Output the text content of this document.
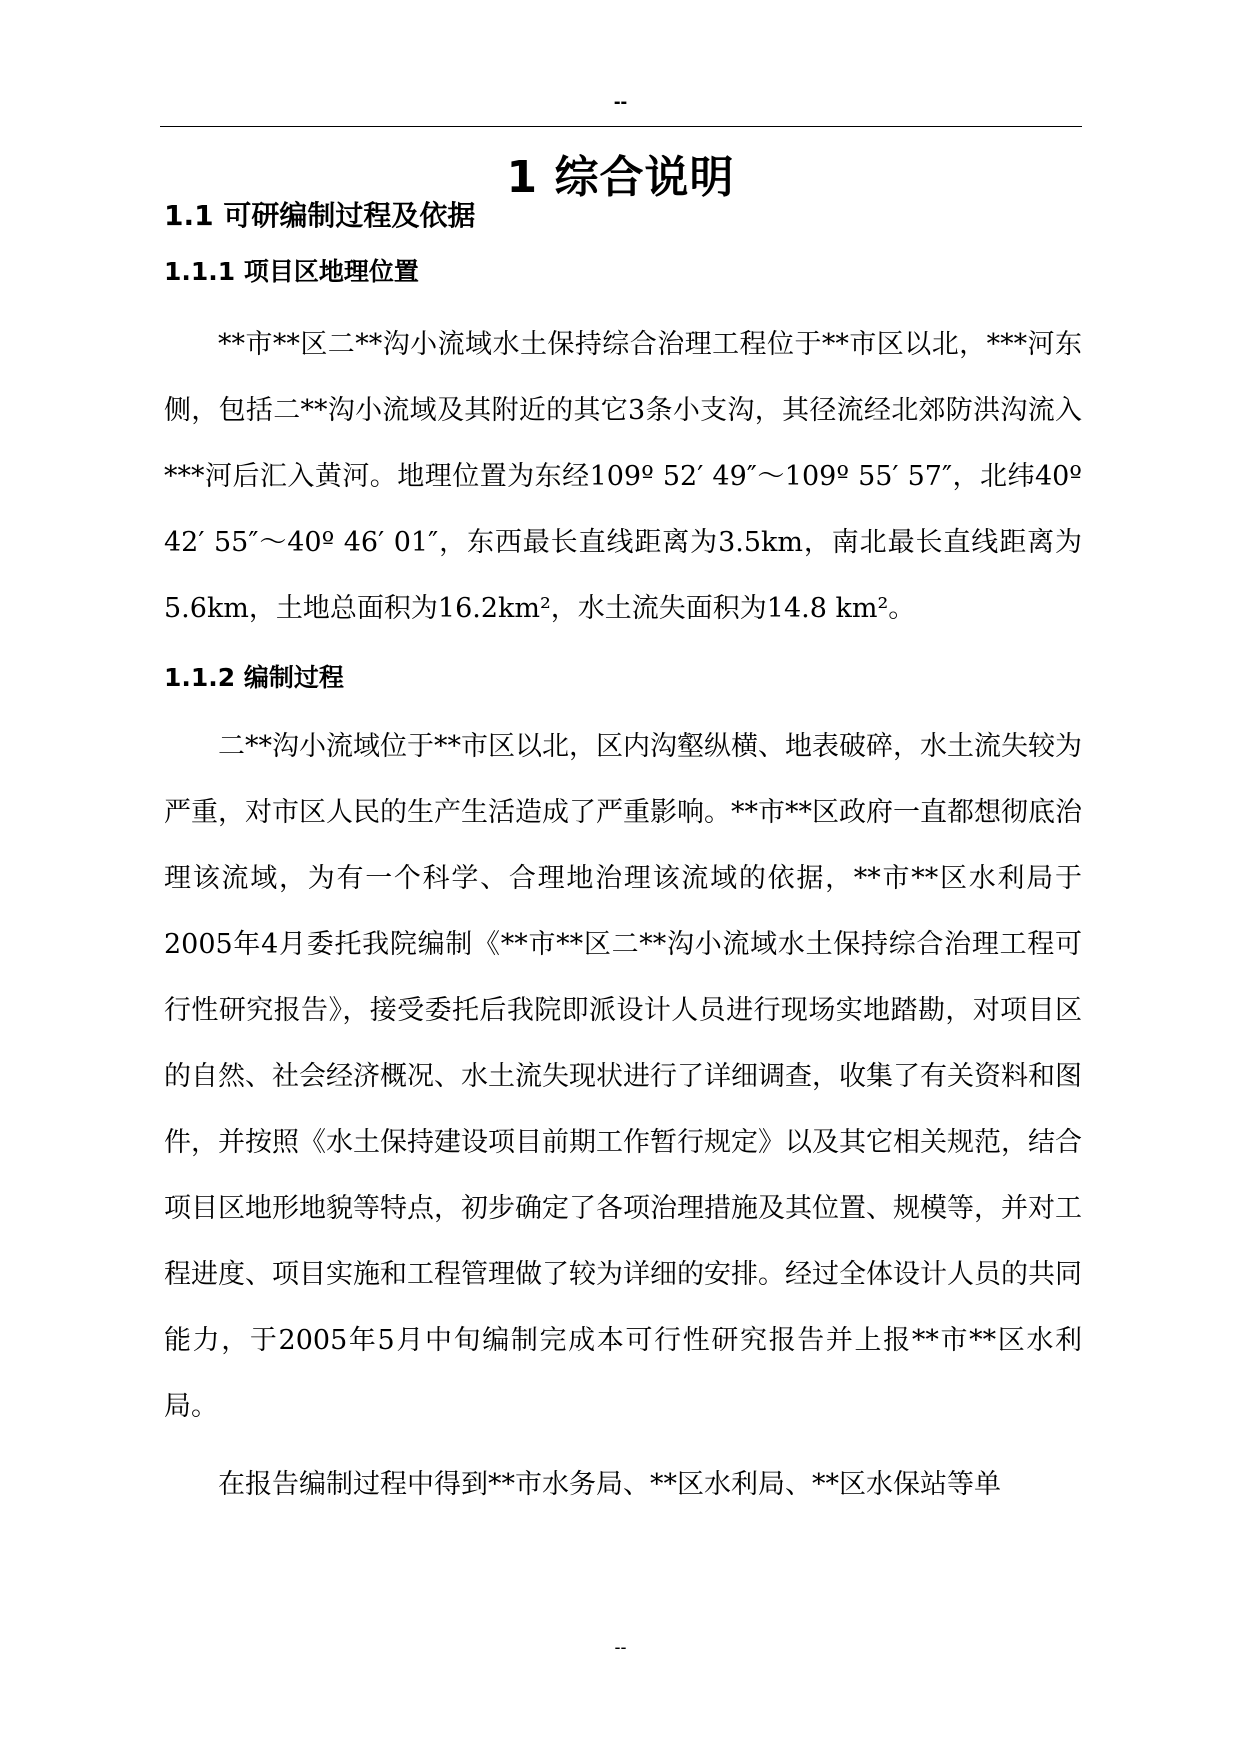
--
1 综合说明
1.1 可研编制过程及依据
1.1.1 项目区地理位置

**市**区二**沟小流域水土保持综合治理工程位于**市区以北，***河东侧，包括二**沟小流域及其附近的其它3条小支沟，其径流经北郊防洪沟流入***河后汇入黄河。地理位置为东经109º 52′ 49″～109º 55′ 57″，北纬40º 42′ 55″～40º 46′ 01″，东西最长直线距离为3.5km，南北最长直线距离为5.6km，土地总面积为16.2km²，水土流失面积为14.8 km²。

1.1.2 编制过程

二**沟小流域位于**市区以北，区内沟壑纵横、地表破碎，水土流失较为严重，对市区人民的生产生活造成了严重影响。**市**区政府一直都想彻底治理该流域，为有一个科学、合理地治理该流域的依据，**市**区水利局于2005年4月委托我院编制《**市**区二**沟小流域水土保持综合治理工程可行性研究报告》，接受委托后我院即派设计人员进行现场实地踏勘，对项目区的自然、社会经济概况、水土流失现状进行了详细调查，收集了有关资料和图件，并按照《水土保持建设项目前期工作暂行规定》以及其它相关规范，结合项目区地形地貌等特点，初步确定了各项治理措施及其位置、规模等，并对工程进度、项目实施和工程管理做了较为详细的安排。经过全体设计人员的共同能力，于2005年5月中旬编制完成本可行性研究报告并上报**市**区水利局。

在报告编制过程中得到**市水务局、**区水利局、**区水保站等单

--
